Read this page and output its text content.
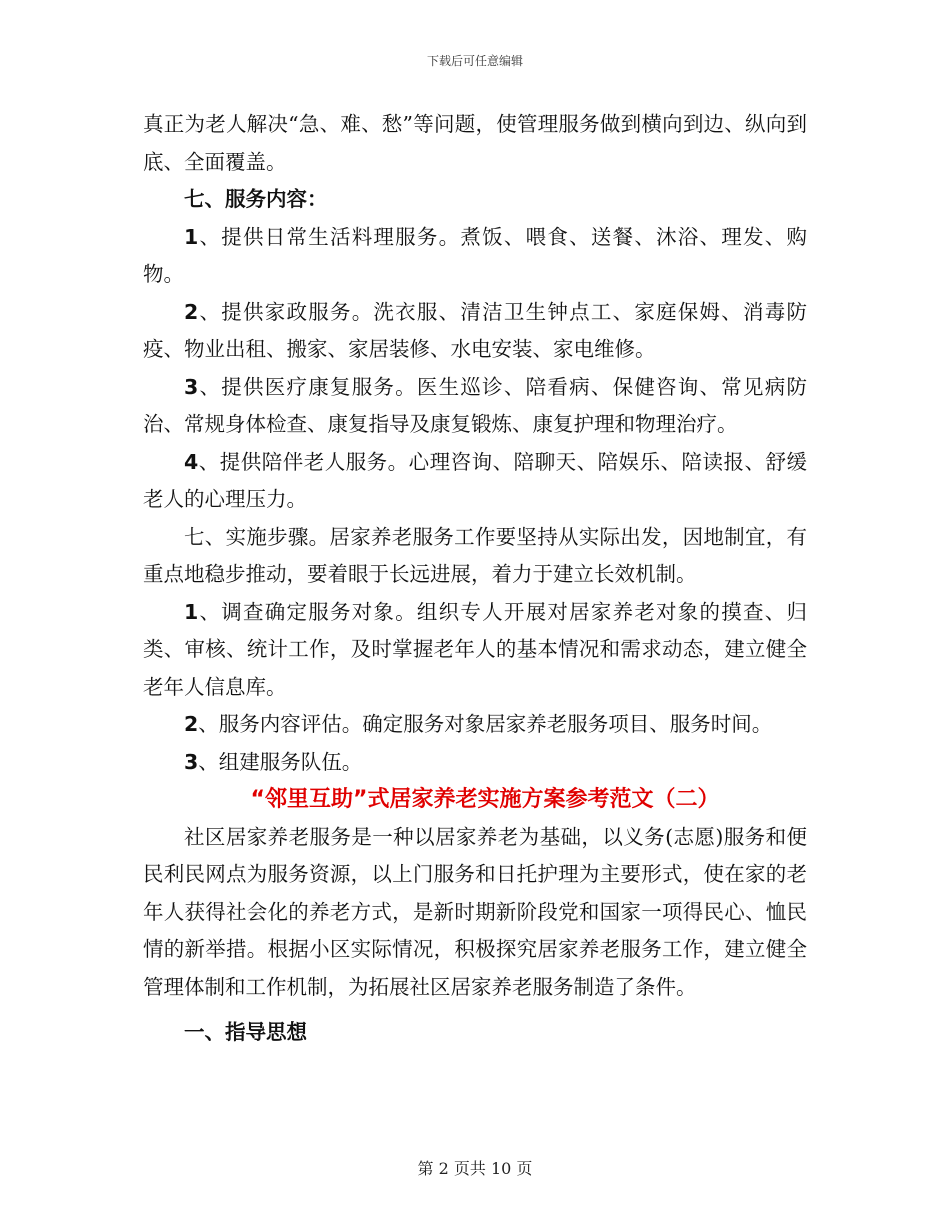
下载后可任意编辑

真正为老人解决“急、难、愁”等问题，使管理服务做到横向到边、纵向到底、全面覆盖。

七、服务内容：

1、提供日常生活料理服务。煮饭、喂食、送餐、沐浴、理发、购物。

2、提供家政服务。洗衣服、清洁卫生钟点工、家庭保姆、消毒防疫、物业出租、搬家、家居装修、水电安装、家电维修。

3、提供医疗康复服务。医生巡诊、陪看病、保健咨询、常见病防治、常规身体检查、康复指导及康复锻炼、康复护理和物理治疗。

4、提供陪伴老人服务。心理咨询、陪聊天、陪娱乐、陪读报、舒缓老人的心理压力。

七、实施步骤。居家养老服务工作要坚持从实际出发，因地制宜，有重点地稳步推动，要着眼于长远进展，着力于建立长效机制。

1、调查确定服务对象。组织专人开展对居家养老对象的摸查、归类、审核、统计工作，及时掌握老年人的基本情况和需求动态，建立健全老年人信息库。

2、服务内容评估。确定服务对象居家养老服务项目、服务时间。

3、组建服务队伍。

“邻里互助”式居家养老实施方案参考范文（二）

社区居家养老服务是一种以居家养老为基础，以义务(志愿)服务和便民利民网点为服务资源，以上门服务和日托护理为主要形式，使在家的老年人获得社会化的养老方式，是新时期新阶段党和国家一项得民心、恤民情的新举措。根据小区实际情况，积极探究居家养老服务工作，建立健全管理体制和工作机制，为拓展社区居家养老服务制造了条件。

一、指导思想

第 2 页共 10 页
